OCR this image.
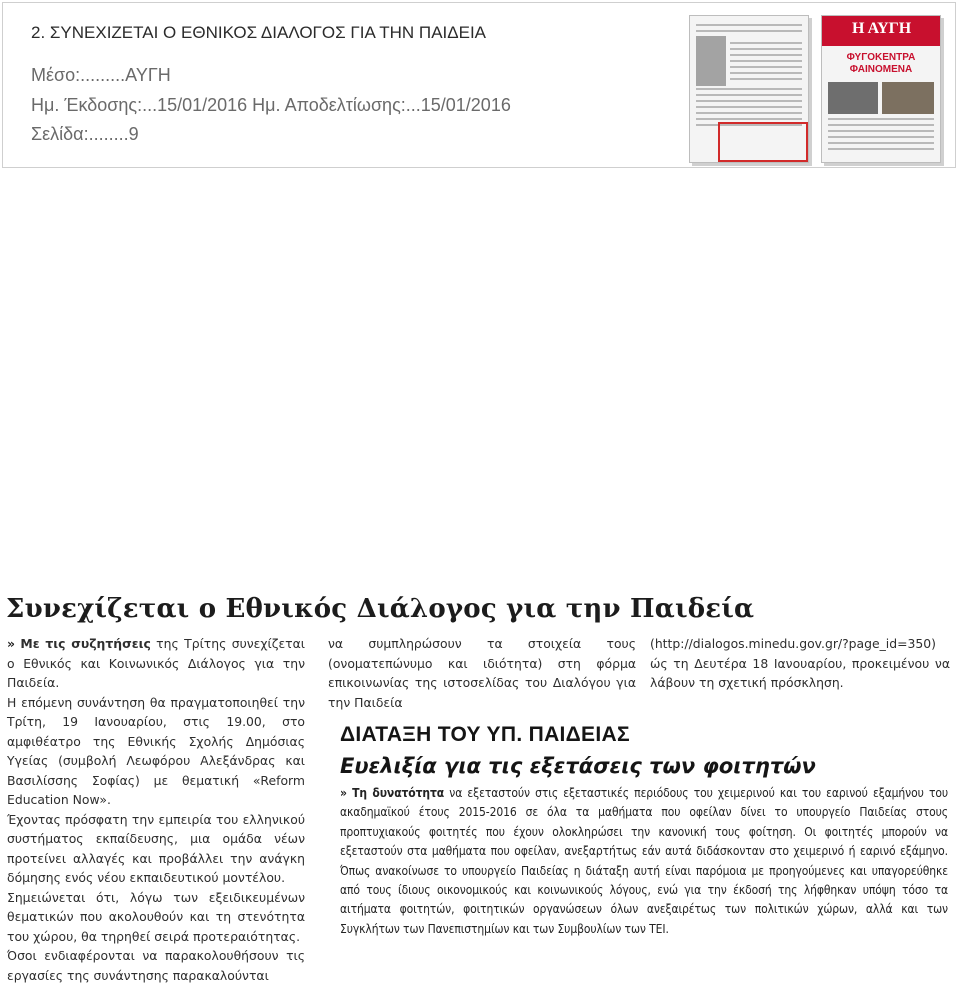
2. ΣΥΝΕΧΙΖΕΤΑΙ Ο ΕΘΝΙΚΟΣ ΔΙΑΛΟΓΟΣ ΓΙΑ ΤΗΝ ΠΑΙΔΕΙΑ
Μέσο:.........ΑΥΓΗ
Ημ. Έκδοσης:...15/01/2016 Ημ. Αποδελτίωσης:...15/01/2016
Σελίδα:........9
Η ΑΥΓΗ
ΦΥΓΟΚΕΝΤΡΑ ΦΑΙΝΟΜΕΝΑ
Συνεχίζεται ο Εθνικός Διάλογος για την Παιδεία

» Με τις συζητήσεις της Τρίτης συνεχίζεται ο Εθνικός και Κοινωνικός Διάλογος για την Παιδεία.

Η επόμενη συνάντηση θα πραγματοποιηθεί την Τρίτη, 19 Ιανουαρίου, στις 19.00, στο αμφιθέατρο της Εθνικής Σχολής Δημόσιας Υγείας (συμβολή Λεωφόρου Αλεξάνδρας και Βασιλίσσης Σοφίας) με θεματική «Reform Education Now».

Έχοντας πρόσφατη την εμπειρία του ελληνικού συστήματος εκπαίδευσης, μια ομάδα νέων προτείνει αλλαγές και προβάλλει την ανάγκη δόμησης ενός νέου εκπαιδευτικού μοντέλου.

Σημειώνεται ότι, λόγω των εξειδικευμένων θεματικών που ακολουθούν και τη στενότητα του χώρου, θα τηρηθεί σειρά προτεραιότητας.

Όσοι ενδιαφέρονται να παρακολουθήσουν τις εργασίες της συνάντησης παρακαλούνται

να συμπληρώσουν τα στοιχεία τους (ονοματεπώνυμο και ιδιότητα) στη φόρμα επικοινωνίας της ιστοσελίδας του Διαλόγου για την Παιδεία

(http://dialogos.minedu.gov.gr/?page_id=350) ώς τη Δευτέρα 18 Ιανουαρίου, προκειμένου να λάβουν τη σχετική πρόσκληση.

ΔΙΑΤΑΞΗ ΤΟΥ ΥΠ. ΠΑΙΔΕΙΑΣ

Ευελιξία για τις εξετάσεις των φοιτητών

» Τη δυνατότητα να εξεταστούν στις εξεταστικές περιόδους του χειμερινού και του εαρινού εξαμήνου του ακαδημαϊκού έτους 2015-2016 σε όλα τα μαθήματα που οφείλαν δίνει το υπουργείο Παιδείας στους προπτυχιακούς φοιτητές που έχουν ολοκληρώσει την κανονική τους φοίτηση. Οι φοιτητές μπορούν να εξεταστούν στα μαθήματα που οφείλαν, ανεξαρτήτως εάν αυτά διδάσκονταν στο χειμερινό ή εαρινό εξάμηνο. Όπως ανακοίνωσε το υπουργείο Παιδείας η διάταξη αυτή είναι παρόμοια με προηγούμενες και υπαγορεύθηκε από τους ίδιους οικονομικούς και κοινωνικούς λόγους, ενώ για την έκδοσή της λήφθηκαν υπόψη τόσο τα αιτήματα φοιτητών, φοιτητικών οργανώσεων όλων ανεξαιρέτως των πολιτικών χώρων, αλλά και των Συγκλήτων των Πανεπιστημίων και των Συμβουλίων των ΤΕΙ.
